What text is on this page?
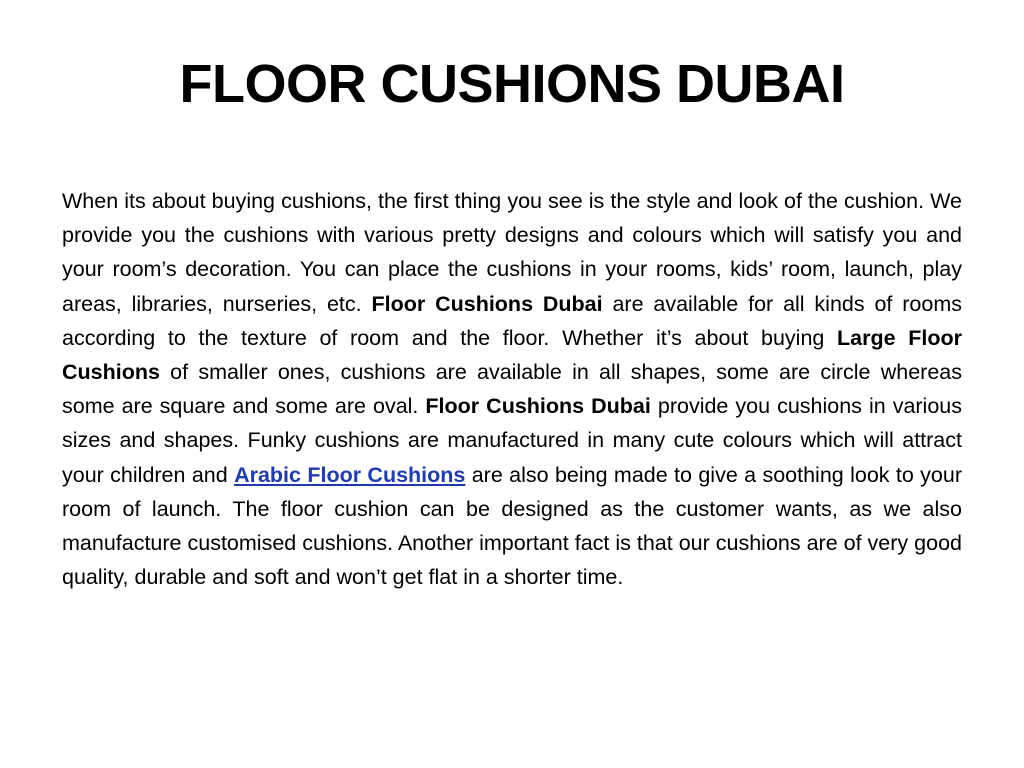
FLOOR CUSHIONS DUBAI

When its about buying cushions, the first thing you see is the style and look of the cushion. We provide you the cushions with various pretty designs and colours which will satisfy you and your room’s decoration. You can place the cushions in your rooms, kids’ room, launch, play areas, libraries, nurseries, etc. Floor Cushions Dubai are available for all kinds of rooms according to the texture of room and the floor. Whether it’s about buying Large Floor Cushions of smaller ones, cushions are available in all shapes, some are circle whereas some are square and some are oval. Floor Cushions Dubai provide you cushions in various sizes and shapes. Funky cushions are manufactured in many cute colours which will attract your children and Arabic Floor Cushions are also being made to give a soothing look to your room of launch. The floor cushion can be designed as the customer wants, as we also manufacture customised cushions. Another important fact is that our cushions are of very good quality, durable and soft and won’t get flat in a shorter time.
